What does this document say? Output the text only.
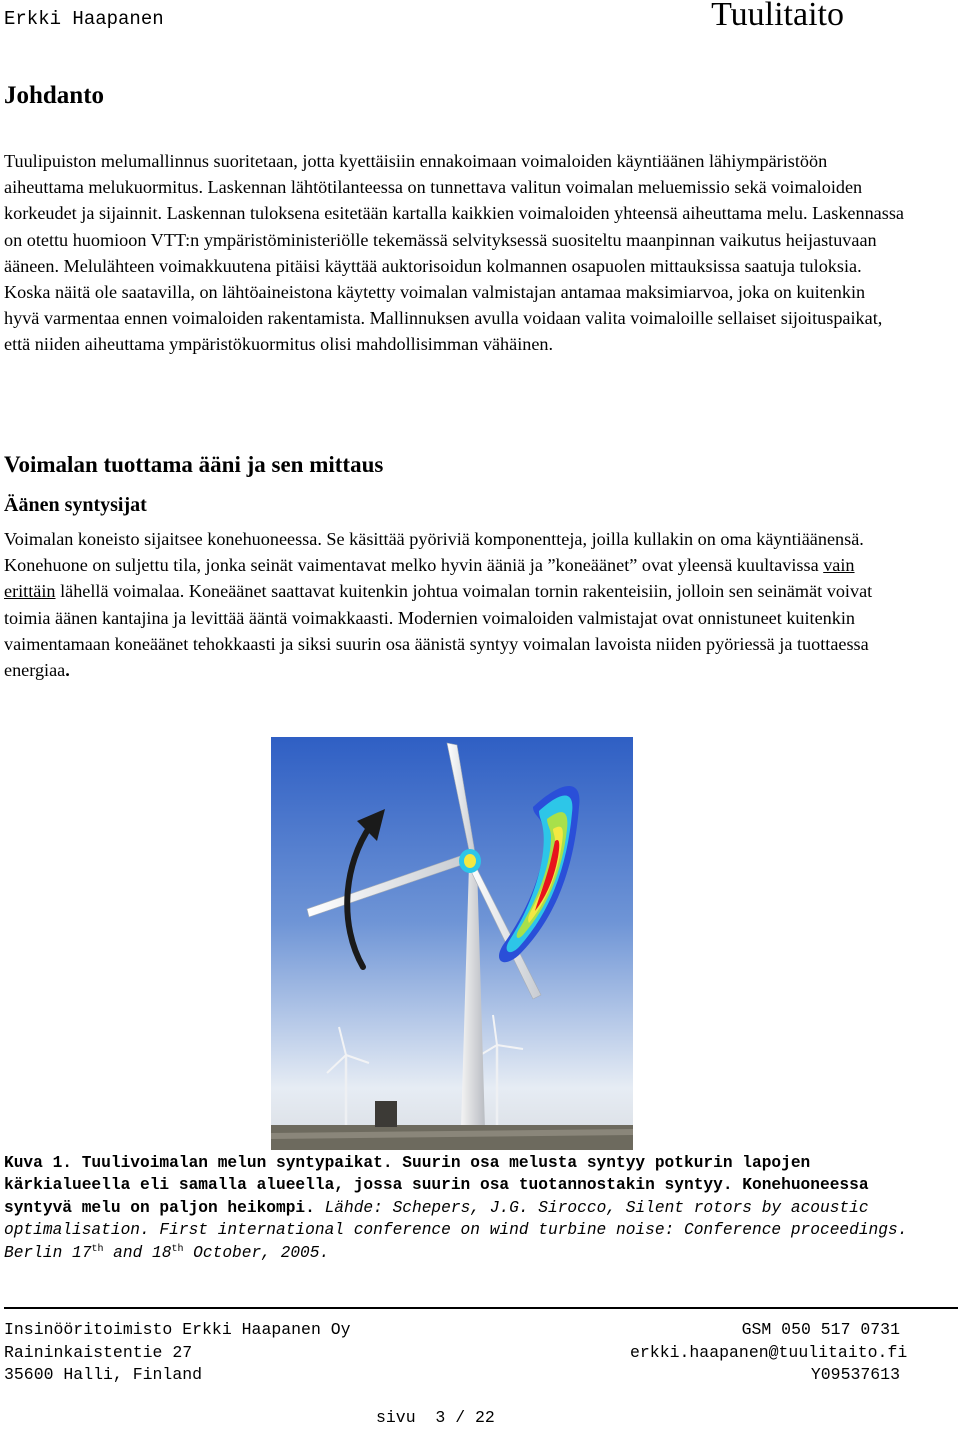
Erkki Haapanen	Tuulitaito
Johdanto

Tuulipuiston melumallinnus suoritetaan, jotta kyettäisiin ennakoimaan voimaloiden käyntiäänen lähiympäristöön aiheuttama melukuormitus. Laskennan lähtötilanteessa on tunnettava valitun voimalan meluemissio sekä voimaloiden korkeudet ja sijainnit. Laskennan tuloksena esitetään kartalla kaikkien voimaloiden yhteensä aiheuttama melu. Laskennassa on otettu huomioon VTT:n ympäristöministeriölle tekemässä selvityksessä suositeltu maanpinnan vaikutus heijastuvaan ääneen. Melulähteen voimakkuutena pitäisi käyttää auktorisoidun kolmannen osapuolen mittauksissa saatuja tuloksia. Koska näitä ole saatavilla, on lähtöaineistona käytetty voimalan valmistajan antamaa maksimiarvoa, joka on kuitenkin hyvä varmentaa ennen voimaloiden rakentamista. Mallinnuksen avulla voidaan valita voimaloille sellaiset sijoituspaikat, että niiden aiheuttama ympäristökuormitus olisi mahdollisimman vähäinen.

Voimalan tuottama ääni ja sen mittaus
Äänen syntysijat

Voimalan koneisto sijaitsee konehuoneessa. Se käsittää pyöriviä komponentteja, joilla kullakin on oma käyntiäänensä. Konehuone on suljettu tila, jonka seinät vaimentavat melko hyvin ääniä ja ”koneäänet” ovat yleensä kuultavissa vain erittäin lähellä voimalaa. Koneäänet saattavat kuitenkin johtua voimalan tornin rakenteisiin, jolloin sen seinämät voivat toimia äänen kantajina ja levittää ääntä voimakkaasti. Modernien voimaloiden valmistajat ovat onnistuneet kuitenkin vaimentamaan koneäänet tehokkaasti ja siksi suurin osa äänistä syntyy voimalan lavoista niiden pyöriessä ja tuottaessa energiaa.

Kuva 1. Tuulivoimalan melun syntypaikat. Suurin osa melusta syntyy potkurin lapojen kärkialueella eli samalla alueella, jossa suurin osa tuotannostakin syntyy. Konehuoneessa syntyvä melu on paljon heikompi. Lähde: Schepers, J.G. Sirocco, Silent rotors by acoustic optimalisation. First international conference on wind turbine noise: Conference proceedings. Berlin 17th and 18th October, 2005.

Insinööritoimisto Erkki Haapanen Oy
Raininkaistentie 27
35600 Halli, Finland
GSM 050 517 0731
erkki.haapanen@tuulitaito.fi
Y09537613
sivu  3 / 22
